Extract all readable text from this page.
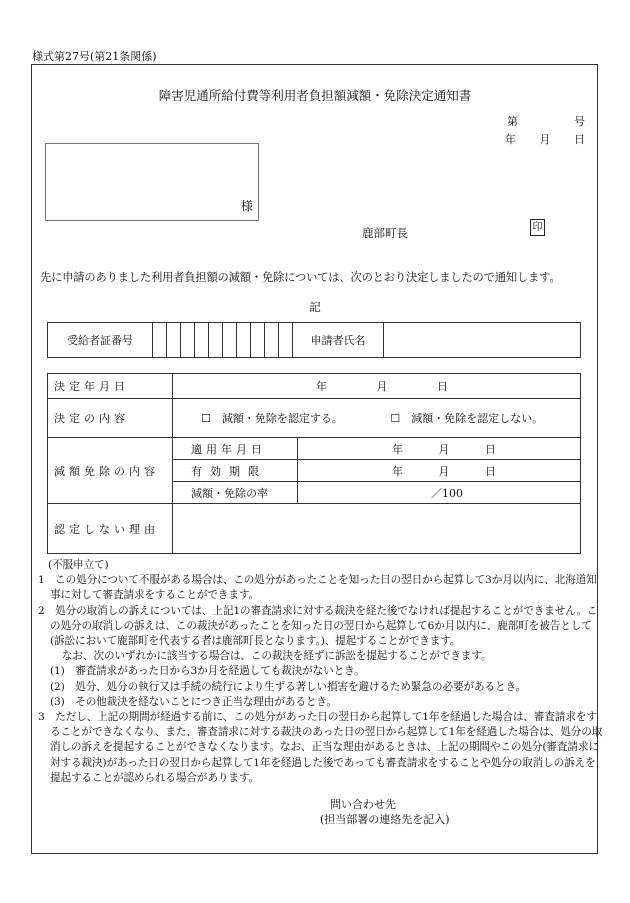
様式第27号(第21条関係)
障害児通所給付費等利用者負担額減額・免除決定通知書
第	号
年 月 日
様
鹿部町長	印
先に申請のありました利用者負担額の減額・免除については、次のとおり決定しましたので通知します。
記
受給者証番号											申請者氏名	
決定年月日	年 月 日	

決定の内容	☐　減額・免除を認定する。 ☐　減額・免除を認定しない。	
減額免除の内容	適用年月日	年 月 日

	有効期限	年 月 日

	減額・免除の率	／100
認定しない理由		

(不服申立て)

1　この処分について不服がある場合は、この処分があったことを知った日の翌日から起算して3か月以内に、北海道知事に対して審査請求をすることができます。

2　処分の取消しの訴えについては、上記1の審査請求に対する裁決を経た後でなければ提起することができません。この処分の取消しの訴えは、この裁決があったことを知った日の翌日から起算して6か月以内に、鹿部町を被告として(訴訟において鹿部町を代表する者は鹿部町長となります。)、提起することができます。

なお、次のいずれかに該当する場合は、この裁決を経ずに訴訟を提起することができます。

(1)　審査請求があった日から3か月を経過しても裁決がないとき。

(2)　処分、処分の執行又は手続の続行により生ずる著しい損害を避けるため緊急の必要があるとき。

(3)　その他裁決を経ないことにつき正当な理由があるとき。

3　ただし、上記の期間が経過する前に、この処分があった日の翌日から起算して1年を経過した場合は、審査請求をすることができなくなり、また、審査請求に対する裁決のあった日の翌日から起算して1年を経過した場合は、処分の取消しの訴えを提起することができなくなります。なお、正当な理由があるときは、上記の期間やこの処分(審査請求に対する裁決)があった日の翌日から起算して1年を経過した後であっても審査請求をすることや処分の取消しの訴えを提起することが認められる場合があります。

問い合わせ先
(担当部署の連絡先を記入)
